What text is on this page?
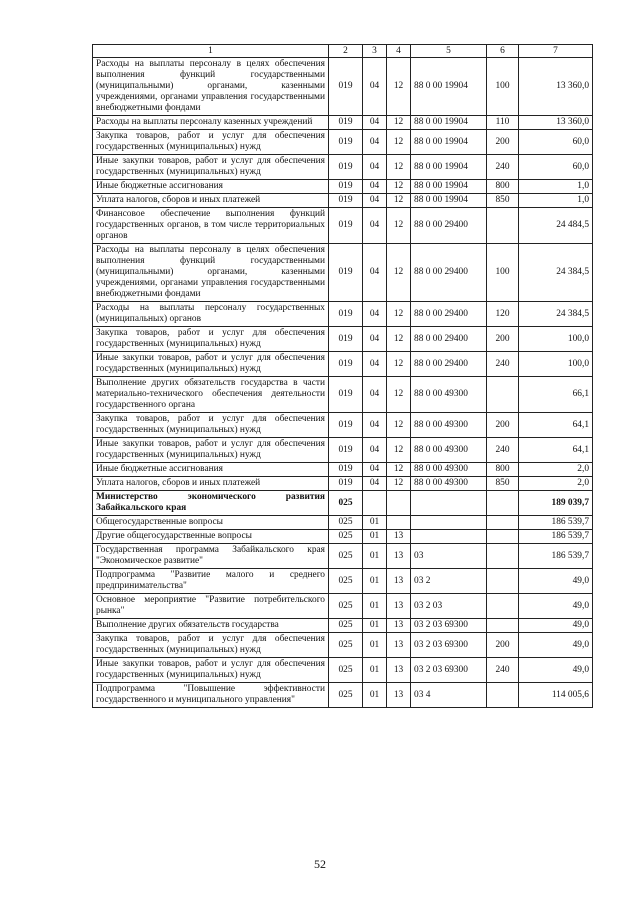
1	2	3	4	5	6	7
Расходы на выплаты персоналу в целях обеспечения выполнения функций государственными (муниципальными) органами, казенными учреждениями, органами управления государственными внебюджетными фондами	019	04	12	88 0 00 19904	100	13 360,0
Расходы на выплаты персоналу казенных учреждений	019	04	12	88 0 00 19904	110	13 360,0
Закупка товаров, работ и услуг для обеспечения государственных (муниципальных) нужд	019	04	12	88 0 00 19904	200	60,0
Иные закупки товаров, работ и услуг для обеспечения государственных (муниципальных) нужд	019	04	12	88 0 00 19904	240	60,0
Иные бюджетные ассигнования	019	04	12	88 0 00 19904	800	1,0
Уплата налогов, сборов и иных платежей	019	04	12	88 0 00 19904	850	1,0
Финансовое обеспечение выполнения функций государственных органов, в том числе территориальных органов	019	04	12	88 0 00 29400		24 484,5
Расходы на выплаты персоналу в целях обеспечения выполнения функций государственными (муниципальными) органами, казенными учреждениями, органами управления государственными внебюджетными фондами	019	04	12	88 0 00 29400	100	24 384,5
Расходы на выплаты персоналу государственных (муниципальных) органов	019	04	12	88 0 00 29400	120	24 384,5
Закупка товаров, работ и услуг для обеспечения государственных (муниципальных) нужд	019	04	12	88 0 00 29400	200	100,0
Иные закупки товаров, работ и услуг для обеспечения государственных (муниципальных) нужд	019	04	12	88 0 00 29400	240	100,0
Выполнение других обязательств государства в части материально-технического обеспечения деятельности государственного органа	019	04	12	88 0 00 49300		66,1
Закупка товаров, работ и услуг для обеспечения государственных (муниципальных) нужд	019	04	12	88 0 00 49300	200	64,1
Иные закупки товаров, работ и услуг для обеспечения государственных (муниципальных) нужд	019	04	12	88 0 00 49300	240	64,1
Иные бюджетные ассигнования	019	04	12	88 0 00 49300	800	2,0
Уплата налогов, сборов и иных платежей	019	04	12	88 0 00 49300	850	2,0
Министерство экономического развития Забайкальского края	025					189 039,7
Общегосударственные вопросы	025	01				186 539,7
Другие общегосударственные вопросы	025	01	13			186 539,7
Государственная программа Забайкальского края "Экономическое развитие"	025	01	13	03		186 539,7
Подпрограмма "Развитие малого и среднего предпринимательства"	025	01	13	03 2		49,0
Основное мероприятие "Развитие потребительского рынка"	025	01	13	03 2 03		49,0
Выполнение других обязательств государства	025	01	13	03 2 03 69300		49,0
Закупка товаров, работ и услуг для обеспечения государственных (муниципальных) нужд	025	01	13	03 2 03 69300	200	49,0
Иные закупки товаров, работ и услуг для обеспечения государственных (муниципальных) нужд	025	01	13	03 2 03 69300	240	49,0
Подпрограмма "Повышение эффективности государственного и муниципального управления"	025	01	13	03 4		114 005,6
52
